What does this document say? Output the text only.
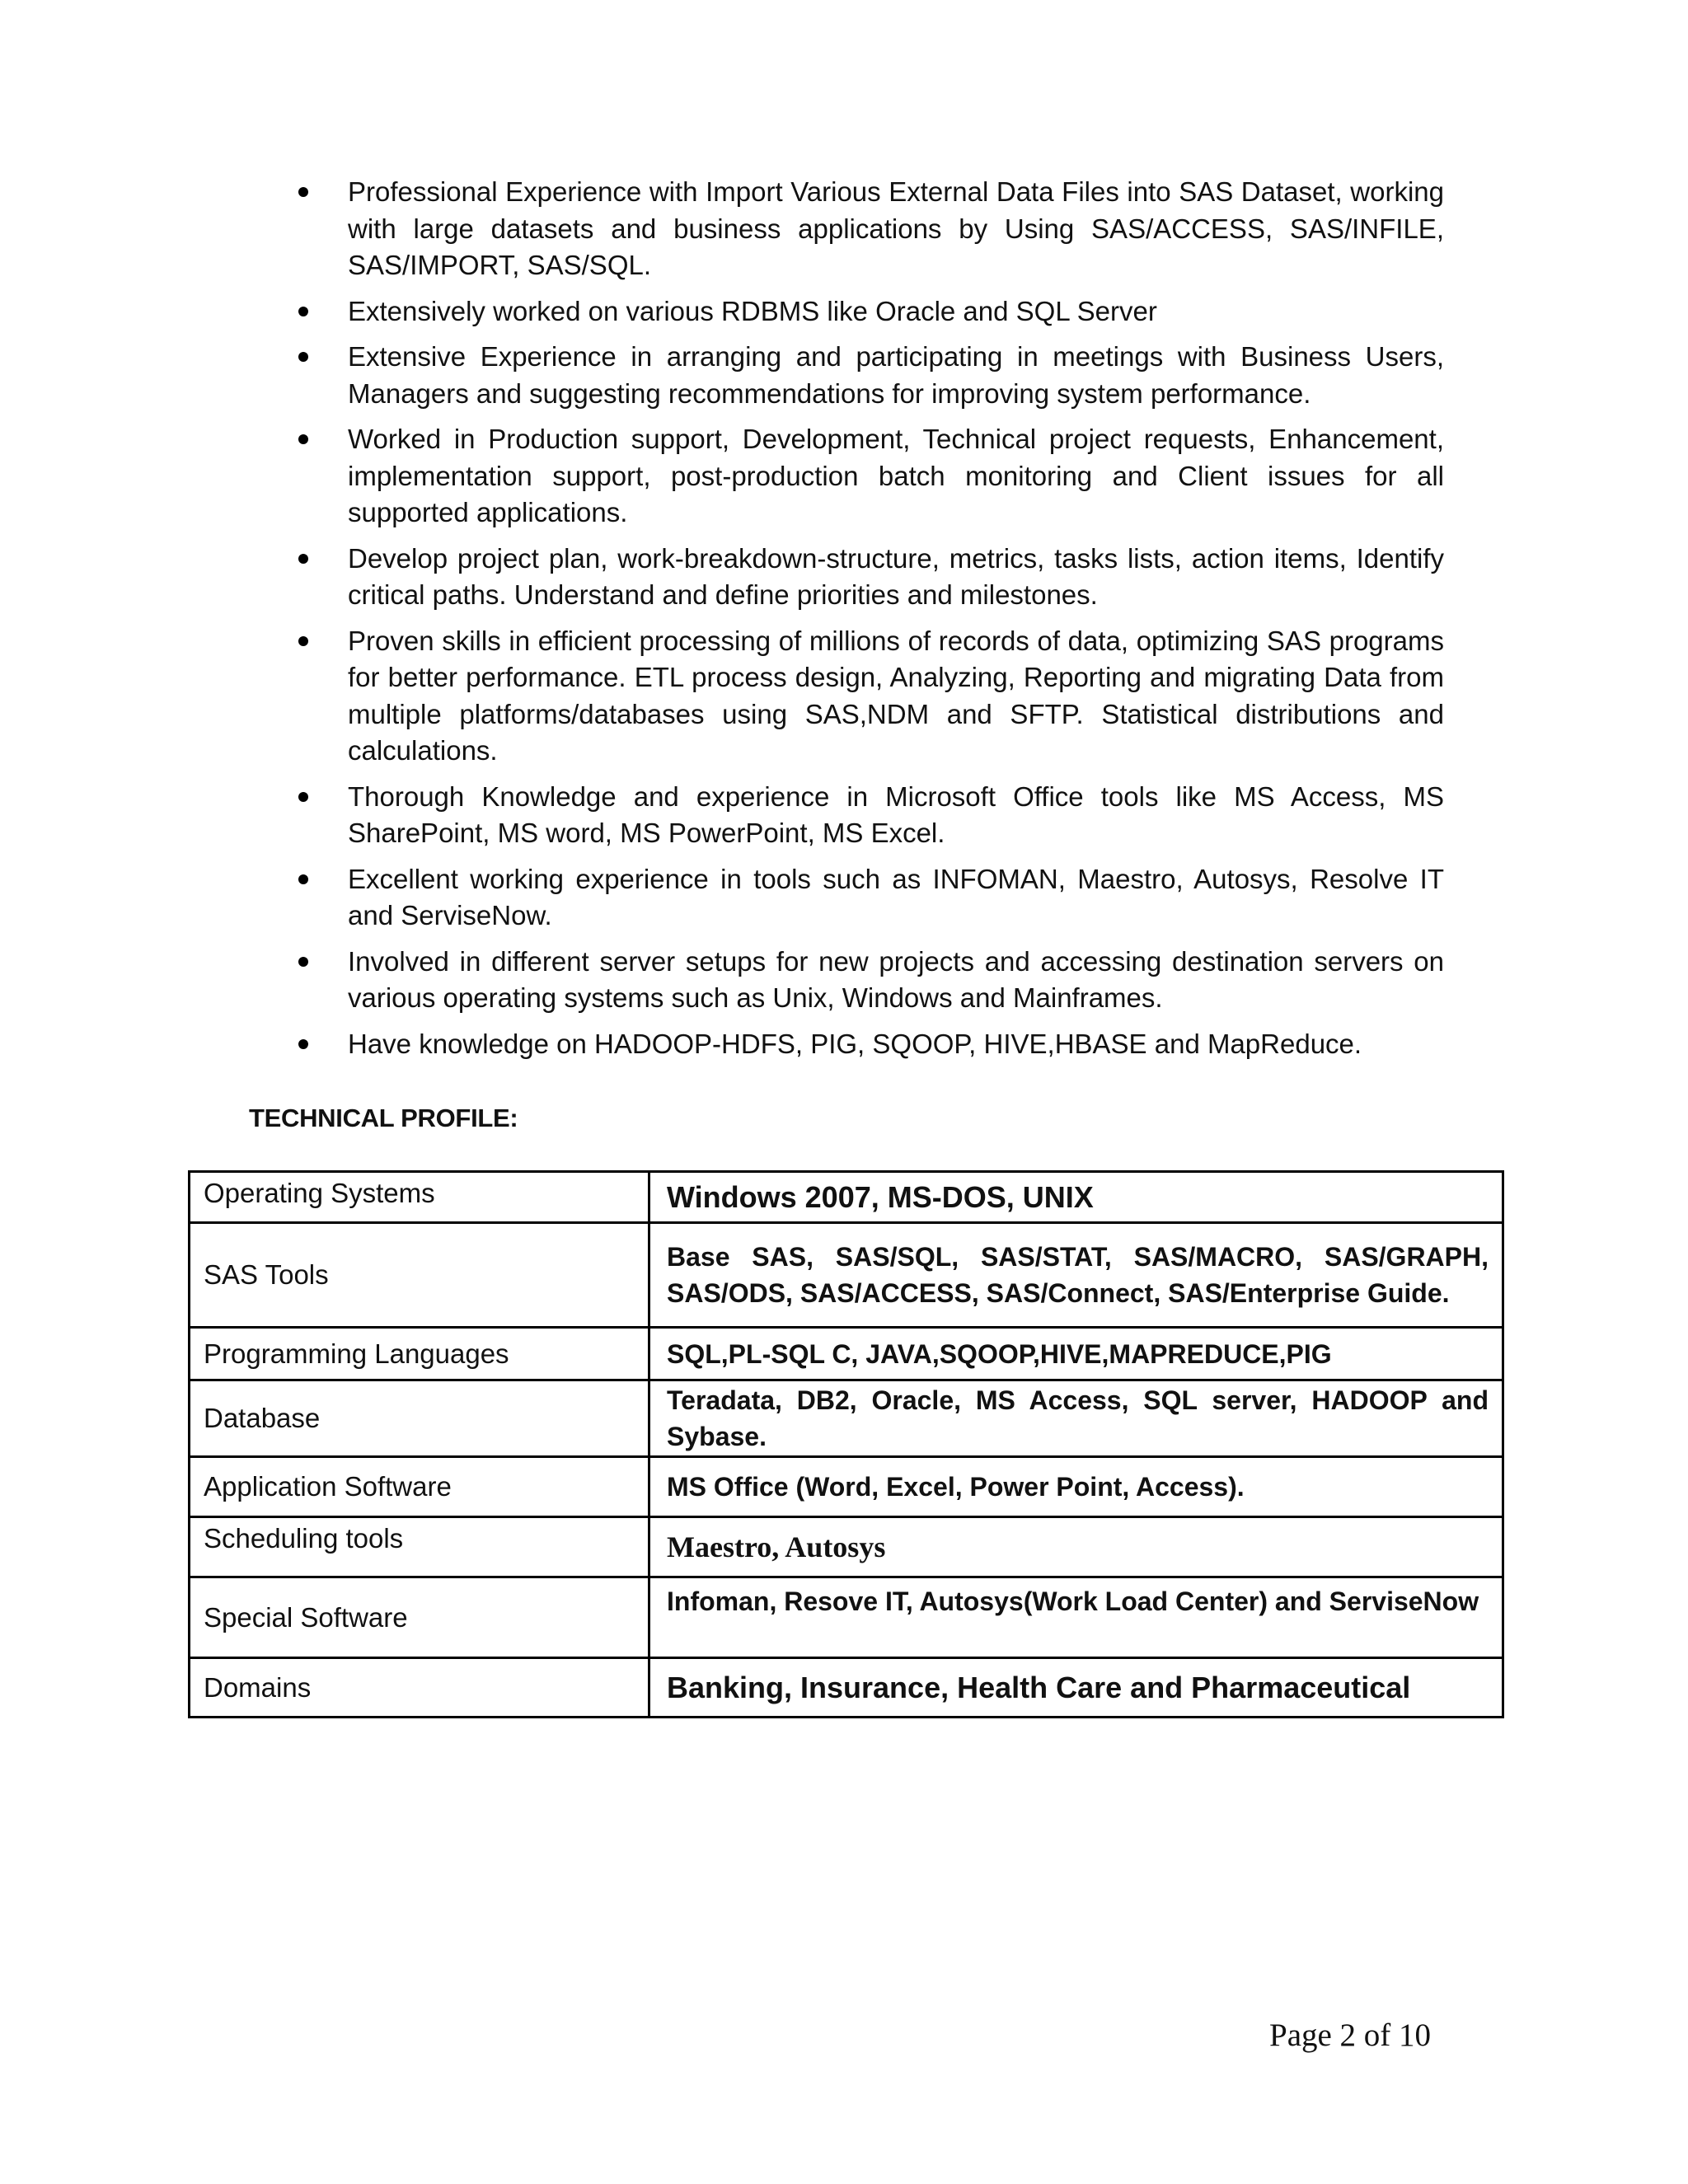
Professional Experience with Import Various External Data Files into SAS Dataset, working with large datasets and business applications by Using SAS/ACCESS, SAS/INFILE, SAS/IMPORT, SAS/SQL.
Extensively worked on various RDBMS like Oracle and SQL Server
Extensive Experience in arranging and participating in meetings with Business Users, Managers and suggesting recommendations for improving system performance.
Worked in Production support, Development, Technical project requests, Enhancement, implementation support, post-production batch monitoring and Client issues for all supported applications.
Develop project plan, work-breakdown-structure, metrics, tasks lists, action items, Identify critical paths. Understand and define priorities and milestones.
Proven skills in efficient processing of millions of records of data, optimizing SAS programs for better performance. ETL process design, Analyzing, Reporting and migrating Data from multiple platforms/databases using SAS,NDM and SFTP. Statistical distributions and calculations.
Thorough Knowledge and experience in Microsoft Office tools like MS Access, MS SharePoint, MS word, MS PowerPoint, MS Excel.
Excellent working experience in tools such as INFOMAN, Maestro, Autosys, Resolve IT and ServiseNow.
Involved in different server setups for new projects and accessing destination servers on various operating systems such as Unix, Windows and Mainframes.
Have knowledge on HADOOP-HDFS, PIG, SQOOP, HIVE,HBASE and MapReduce.
TECHNICAL PROFILE:
Operating Systems	Windows 2007, MS-DOS, UNIX
SAS Tools	Base SAS, SAS/SQL, SAS/STAT, SAS/MACRO, SAS/GRAPH, SAS/ODS, SAS/ACCESS, SAS/Connect, SAS/Enterprise Guide.
Programming Languages	SQL,PL-SQL C, JAVA,SQOOP,HIVE,MAPREDUCE,PIG
Database	Teradata, DB2, Oracle, MS Access, SQL server, HADOOP and Sybase.
Application Software	MS Office (Word, Excel, Power Point, Access).
Scheduling tools	Maestro, Autosys
Special Software	Infoman, Resove IT, Autosys(Work Load Center) and ServiseNow
Domains	Banking, Insurance, Health Care and Pharmaceutical
Page 2 of 10
